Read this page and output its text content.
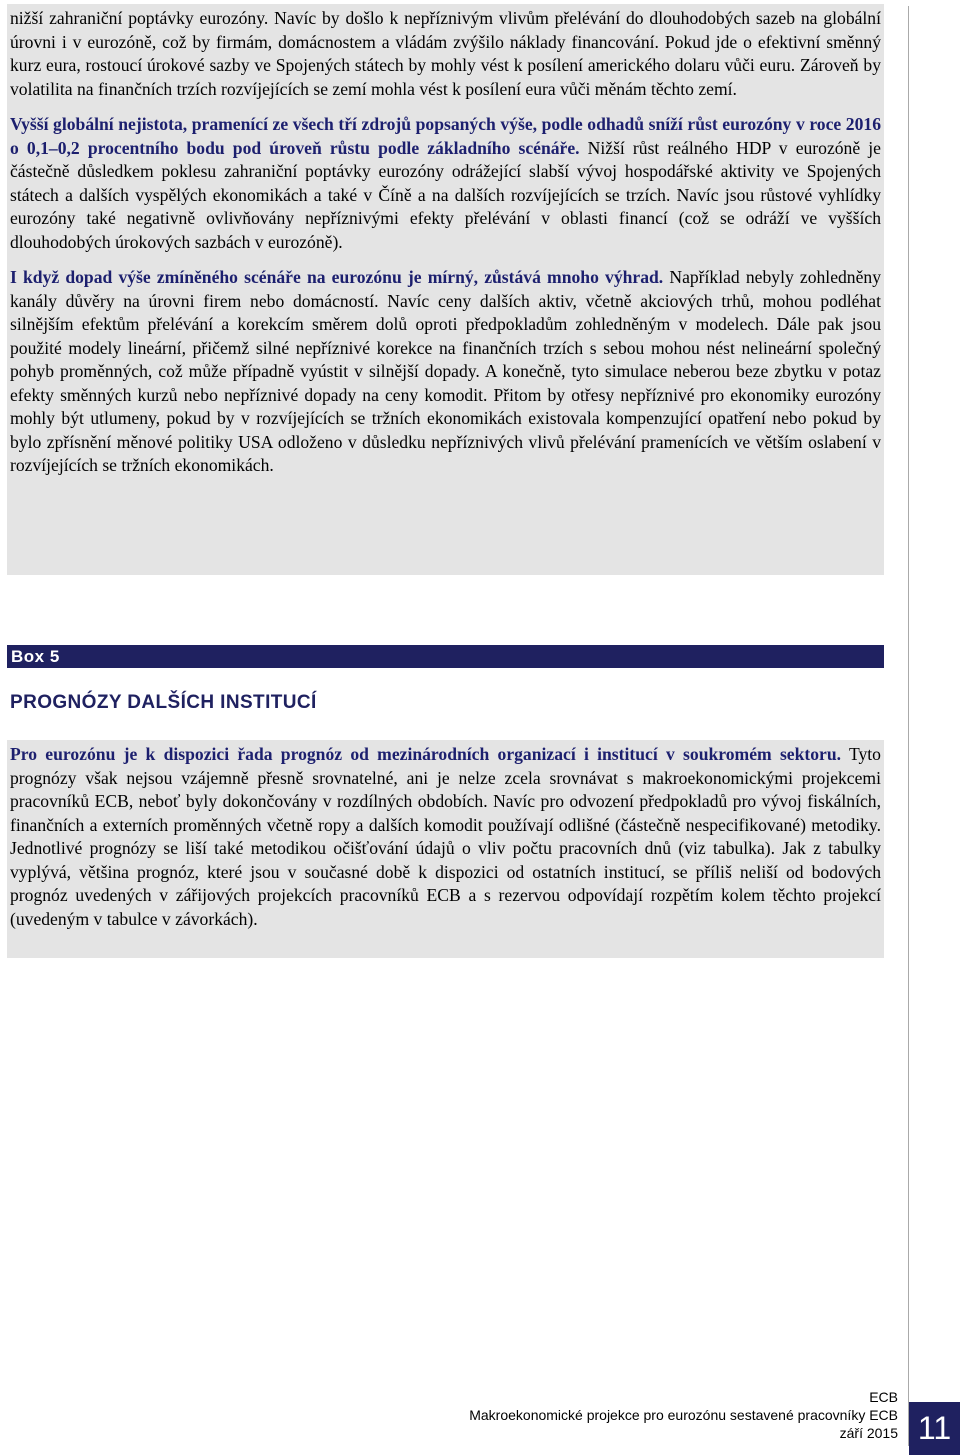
nižší zahraniční poptávky eurozóny. Navíc by došlo k nepříznivým vlivům přelévání do dlouhodobých sazeb na globální úrovni i v eurozóně, což by firmám, domácnostem a vládám zvýšilo náklady financování. Pokud jde o efektivní směnný kurz eura, rostoucí úrokové sazby ve Spojených státech by mohly vést k posílení amerického dolaru vůči euru. Zároveň by volatilita na finančních trzích rozvíjejících se zemí mohla vést k posílení eura vůči měnám těchto zemí.

Vyšší globální nejistota, pramenící ze všech tří zdrojů popsaných výše, podle odhadů sníží růst eurozóny v roce 2016 o 0,1–0,2 procentního bodu pod úroveň růstu podle základního scénáře. Nižší růst reálného HDP v eurozóně je částečně důsledkem poklesu zahraniční poptávky eurozóny odrážející slabší vývoj hospodářské aktivity ve Spojených státech a dalších vyspělých ekonomikách a také v Číně a na dalších rozvíjejících se trzích. Navíc jsou růstové vyhlídky eurozóny také negativně ovlivňovány nepříznivými efekty přelévání v oblasti financí (což se odráží ve vyšších dlouhodobých úrokových sazbách v eurozóně).

I když dopad výše zmíněného scénáře na eurozónu je mírný, zůstává mnoho výhrad. Například nebyly zohledněny kanály důvěry na úrovni firem nebo domácností. Navíc ceny dalších aktiv, včetně akciových trhů, mohou podléhat silnějším efektům přelévání a korekcím směrem dolů oproti předpokladům zohledněným v modelech. Dále pak jsou použité modely lineární, přičemž silné nepříznivé korekce na finančních trzích s sebou mohou nést nelineární společný pohyb proměnných, což může případně vyústit v silnější dopady. A konečně, tyto simulace neberou beze zbytku v potaz efekty směnných kurzů nebo nepříznivé dopady na ceny komodit. Přitom by otřesy nepříznivé pro ekonomiky eurozóny mohly být utlumeny, pokud by v rozvíjejících se tržních ekonomikách existovala kompenzující opatření nebo pokud by bylo zpřísnění měnové politiky USA odloženo v důsledku nepříznivých vlivů přelévání pramenících ve větším oslabení v rozvíjejících se tržních ekonomikách.

Box 5
PROGNÓZY DALŠÍCH INSTITUCÍ

Pro eurozónu je k dispozici řada prognóz od mezinárodních organizací i institucí v soukromém sektoru. Tyto prognózy však nejsou vzájemně přesně srovnatelné, ani je nelze zcela srovnávat s makroekonomickými projekcemi pracovníků ECB, neboť byly dokončovány v rozdílných obdobích. Navíc pro odvození předpokladů pro vývoj fiskálních, finančních a externích proměnných včetně ropy a dalších komodit používají odlišné (částečně nespecifikované) metodiky. Jednotlivé prognózy se liší také metodikou očišťování údajů o vliv počtu pracovních dnů (viz tabulka). Jak z tabulky vyplývá, většina prognóz, které jsou v současné době k dispozici od ostatních institucí, se příliš neliší od bodových prognóz uvedených v zářijových projekcích pracovníků ECB a s rezervou odpovídají rozpětím kolem těchto projekcí (uvedeným v tabulce v závorkách).

ECB
Makroekonomické projekce pro eurozónu sestavené pracovníky ECB
září 2015 11
